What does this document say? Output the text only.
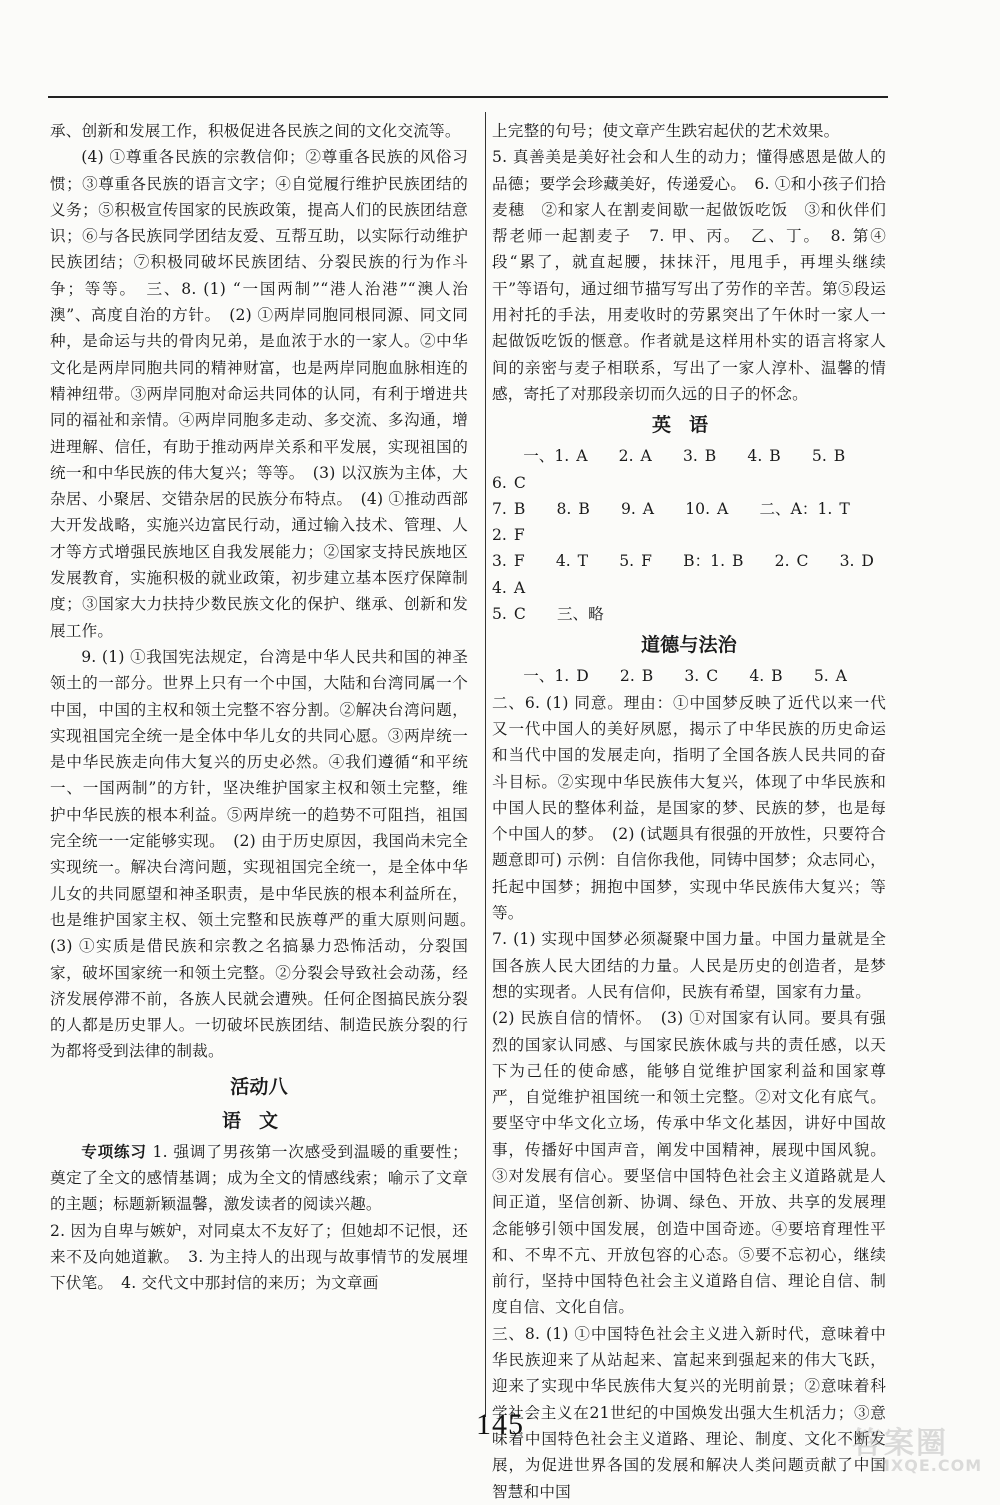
承、创新和发展工作，积极促进各民族之间的文化交流等。

(4) ①尊重各民族的宗教信仰；②尊重各民族的风俗习惯；③尊重各民族的语言文字；④自觉履行维护民族团结的义务；⑤积极宣传国家的民族政策，提高人们的民族团结意识；⑥与各民族同学团结友爱、互帮互助，以实际行动维护民族团结；⑦积极同破坏民族团结、分裂民族的行为作斗争；等等。　三、8. (1) “一国两制”“港人治港”“澳人治澳”、高度自治的方针。　(2) ①两岸同胞同根同源、同文同种，是命运与共的骨肉兄弟，是血浓于水的一家人。②中华文化是两岸同胞共同的精神财富，也是两岸同胞血脉相连的精神纽带。③两岸同胞对命运共同体的认同，有利于增进共同的福祉和亲情。④两岸同胞多走动、多交流、多沟通，增进理解、信任，有助于推动两岸关系和平发展，实现祖国的统一和中华民族的伟大复兴；等等。　(3) 以汉族为主体，大杂居、小聚居、交错杂居的民族分布特点。　(4) ①推动西部大开发战略，实施兴边富民行动，通过输入技术、管理、人才等方式增强民族地区自我发展能力；②国家支持民族地区发展教育，实施积极的就业政策，初步建立基本医疗保障制度；③国家大力扶持少数民族文化的保护、继承、创新和发展工作。

9. (1) ①我国宪法规定，台湾是中华人民共和国的神圣领土的一部分。世界上只有一个中国，大陆和台湾同属一个中国，中国的主权和领土完整不容分割。②解决台湾问题，实现祖国完全统一是全体中华儿女的共同心愿。③两岸统一是中华民族走向伟大复兴的历史必然。④我们遵循“和平统一、一国两制”的方针，坚决维护国家主权和领土完整，维护中华民族的根本利益。⑤两岸统一的趋势不可阻挡，祖国完全统一一定能够实现。　(2) 由于历史原因，我国尚未完全实现统一。解决台湾问题，实现祖国完全统一，是全体中华儿女的共同愿望和神圣职责，是中华民族的根本利益所在，也是维护国家主权、领土完整和民族尊严的重大原则问题。　(3) ①实质是借民族和宗教之名搞暴力恐怖活动，分裂国家，破坏国家统一和领土完整。②分裂会导致社会动荡，经济发展停滞不前，各族人民就会遭殃。任何企图搞民族分裂的人都是历史罪人。一切破坏民族团结、制造民族分裂的行为都将受到法律的制裁。

活动八

语文

专项练习 1. 强调了男孩第一次感受到温暖的重要性；奠定了全文的感情基调；成为全文的情感线索；喻示了文章的主题；标题新颖温馨，激发读者的阅读兴趣。

2. 因为自卑与嫉妒，对同桌太不友好了；但她却不记恨，还来不及向她道歉。　3. 为主持人的出现与故事情节的发展埋下伏笔。　4. 交代文中那封信的来历；为文章画

上完整的句号；使文章产生跌宕起伏的艺术效果。

5. 真善美是美好社会和人生的动力；懂得感恩是做人的品德；要学会珍藏美好，传递爱心。　6. ①和小孩子们拾麦穗　②和家人在割麦间歇一起做饭吃饭　③和伙伴们帮老师一起割麦子　7. 甲、丙。　乙、丁。　8. 第④段“累了，就直起腰，抹抹汗，甩甩手，再埋头继续干”等语句，通过细节描写写出了劳作的辛苦。第⑤段运用衬托的手法，用麦收时的劳累突出了午休时一家人一起做饭吃饭的惬意。作者就是这样用朴实的语言将家人间的亲密与麦子相联系，写出了一家人淳朴、温馨的情感，寄托了对那段亲切而久远的日子的怀念。

英语

一、1. A　　2. A　　3. B　　4. B　　5. B　　6. C

7. B　　8. B　　9. A　　10. A　　二、A：1. T　　2. F

3. F　　4. T　　5. F　　B：1. B　　2. C　　3. D　　4. A

5. C　　三、略

道德与法治

一、1. D　　2. B　　3. C　　4. B　　5. A

二、6. (1) 同意。理由：①中国梦反映了近代以来一代又一代中国人的美好夙愿，揭示了中华民族的历史命运和当代中国的发展走向，指明了全国各族人民共同的奋斗目标。②实现中华民族伟大复兴，体现了中华民族和中国人民的整体利益，是国家的梦、民族的梦，也是每个中国人的梦。　(2) (试题具有很强的开放性，只要符合题意即可) 示例：自信你我他，同铸中国梦；众志同心，托起中国梦；拥抱中国梦，实现中华民族伟大复兴；等等。

7. (1) 实现中国梦必须凝聚中国力量。中国力量就是全国各族人民大团结的力量。人民是历史的创造者，是梦想的实现者。人民有信仰，民族有希望，国家有力量。

(2) 民族自信的情怀。　(3) ①对国家有认同。要具有强烈的国家认同感、与国家民族休戚与共的责任感，以天下为己任的使命感，能够自觉维护国家利益和国家尊严，自觉维护祖国统一和领土完整。②对文化有底气。要坚守中华文化立场，传承中华文化基因，讲好中国故事，传播好中国声音，阐发中国精神，展现中国风貌。③对发展有信心。要坚信中国特色社会主义道路就是人间正道，坚信创新、协调、绿色、开放、共享的发展理念能够引领中国发展，创造中国奇迹。④要培育理性平和、不卑不亢、开放包容的心态。⑤要不忘初心，继续前行，坚持中国特色社会主义道路自信、理论自信、制度自信、文化自信。

三、8. (1) ①中国特色社会主义进入新时代，意味着中华民族迎来了从站起来、富起来到强起来的伟大飞跃，迎来了实现中华民族伟大复兴的光明前景；②意味着科学社会主义在21世纪的中国焕发出强大生机活力；③意味着中国特色社会主义道路、理论、制度、文化不断发展，为促进世界各国的发展和解决人类问题贡献了中国智慧和中国

145
答案圈
MXQE.COM
